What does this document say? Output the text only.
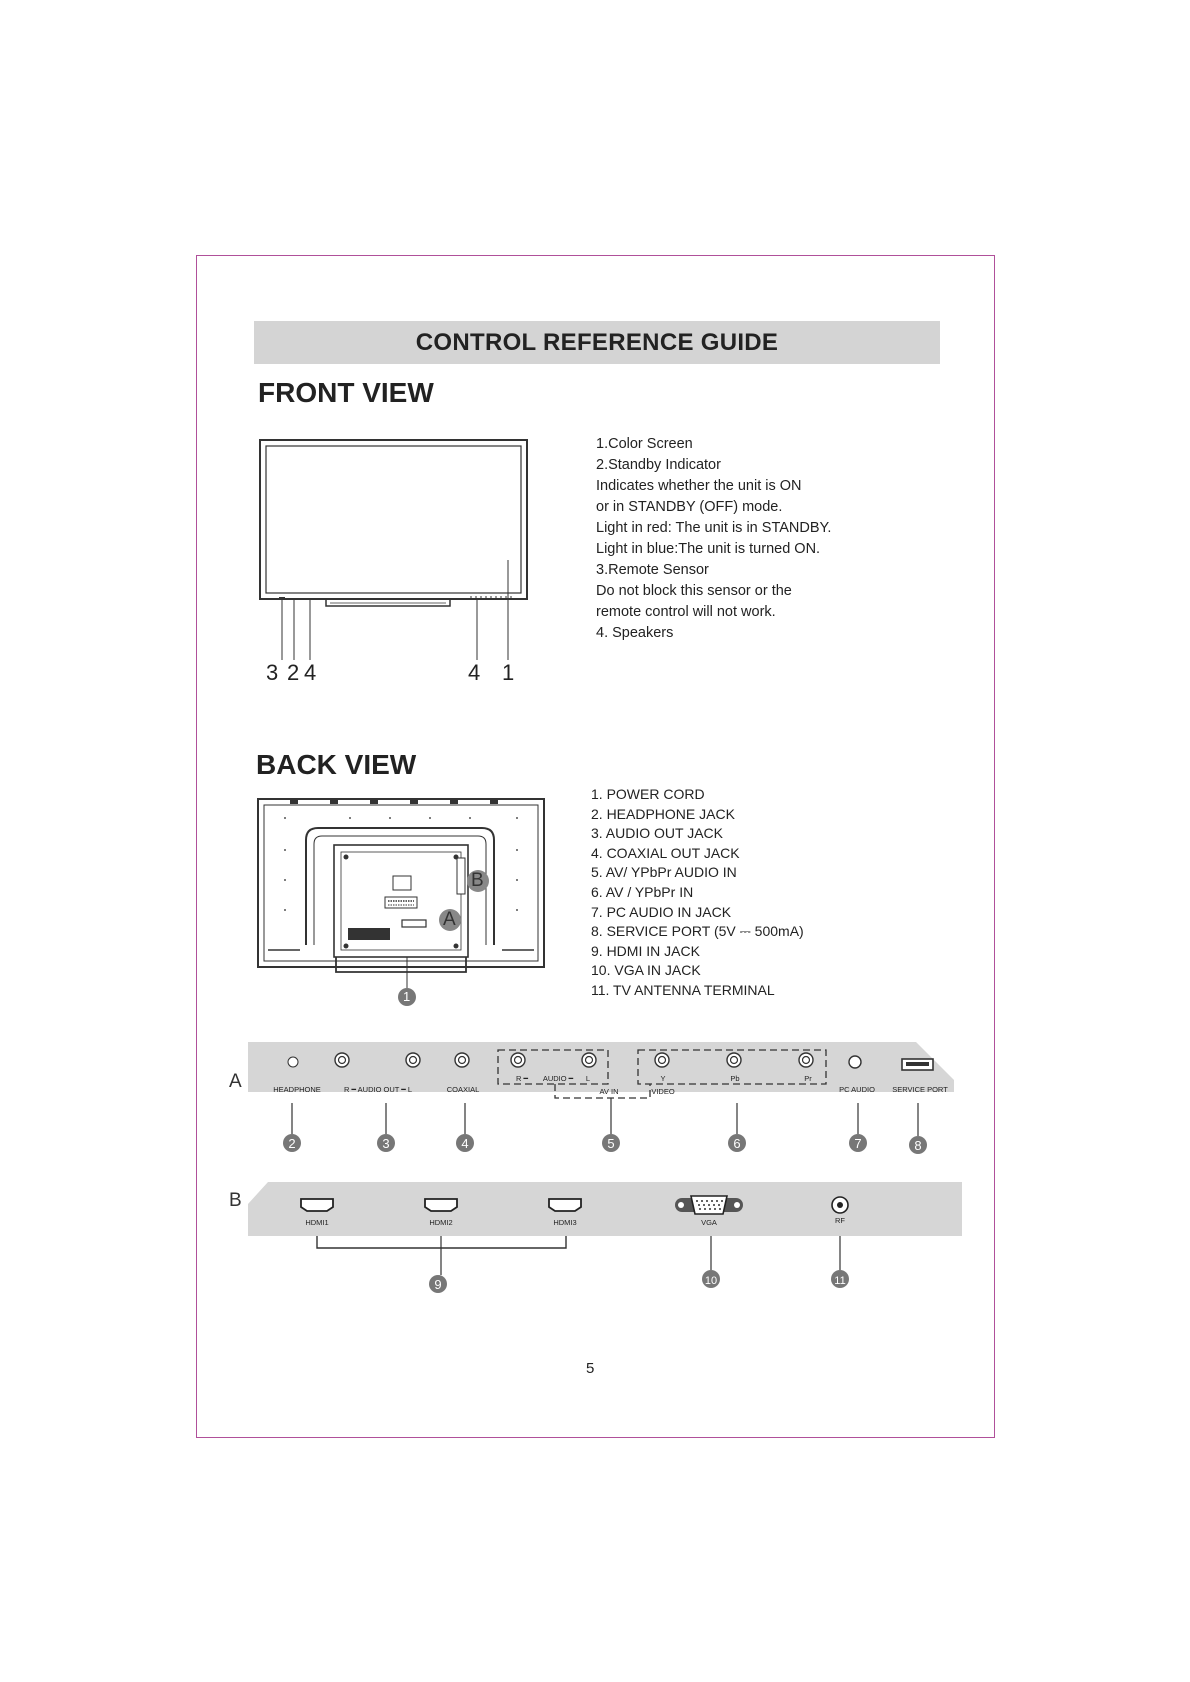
CONTROL REFERENCE GUIDE
FRONT VIEW
3 2 4	4 1
1.Color Screen
2.Standby Indicator
Indicates whether the unit is ON
or in STANDBY (OFF) mode.
Light in red: The unit is in STANDBY.
Light in blue:The unit is turned ON.
3.Remote Sensor
Do not block this sensor or the
remote control will not work.
4. Speakers
BACK VIEW
B
A
1
1. POWER CORD
2. HEADPHONE JACK
3. AUDIO OUT JACK
4. COAXIAL OUT JACK
5. AV/ YPbPr AUDIO IN
6. AV / YPbPr IN
7. PC AUDIO IN JACK
8. SERVICE PORT (5V ⎓ 500mA)
9. HDMI IN JACK
10. VGA IN JACK
11. TV ANTENNA TERMINAL
2	3	4	5	6	7	8
A	HEADPHONE	R ━ AUDIO OUT ━ L	COAXIAL
R ━ AUDIO ━ L
AV IN
Y	Pb	Pr
VIDEO	PC AUDIO SERVICE PORT
9	10	11
B
HDMI1	HDMI2	HDMI3	VGA	RF
5
